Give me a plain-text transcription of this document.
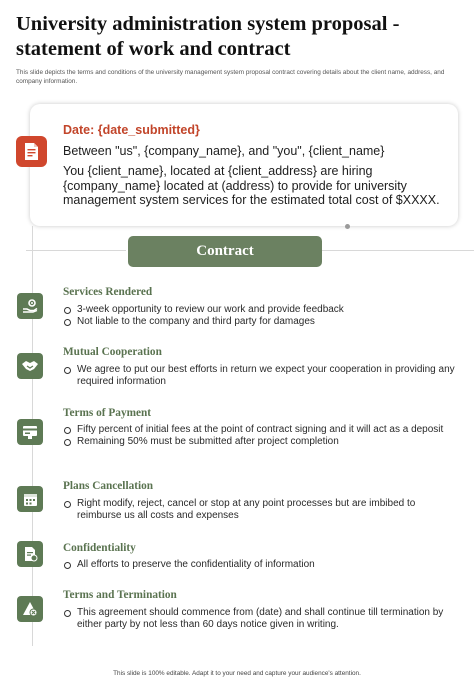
University administration system proposal - statement of work and contract
This slide depicts the terms and conditions of the university management system proposal contract covering details about the client name, address, and company information.
Date: {date_submitted}
Between "us", {company_name}, and "you", {client_name}
You {client_name}, located at {client_address} are hiring {company_name} located at (address) to provide for university management system services for the estimated total cost of $XXXX.
Contract
Services Rendered
3-week opportunity to review our work and provide feedback
Not liable to the company and third party for damages
Mutual Cooperation
We agree to put our best efforts in return we expect your cooperation in providing any required information
Terms of Payment
Fifty percent of initial fees at the point of contract signing and it will act as a deposit
Remaining 50% must be submitted after project completion
Plans Cancellation
Right modify, reject, cancel or stop at any point processes but are imbibed to reimburse us all costs and expenses
Confidentiality
All efforts to preserve the confidentiality of information
Terms and Termination
This agreement should commence from (date) and shall continue till termination by either party by not less than 60 days notice given in writing.
This slide is 100% editable. Adapt it to your need and capture your audience's attention.
